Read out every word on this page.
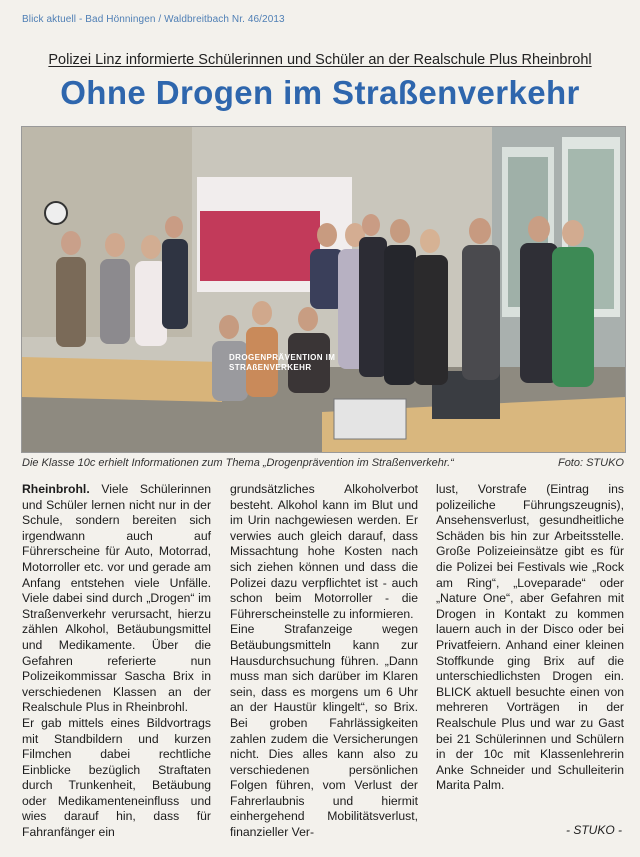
Blick aktuell - Bad Hönningen / Waldbreitbach Nr. 46/2013
Polizei Linz informierte Schülerinnen und Schüler an der Realschule Plus Rheinbrohl
Ohne Drogen im Straßenverkehr
DROGENPRÄVENTION IM STRAßENVERKEHR
Die Klasse 10c erhielt Informationen zum Thema „Drogenprävention im Straßenverkehr.“	Foto: STUKO

Rheinbrohl. Viele Schülerinnen und Schüler lernen nicht nur in der Schule, sondern bereiten sich irgendwann auch auf Führerscheine für Auto, Motorrad, Motorroller etc. vor und gerade am Anfang entstehen viele Unfälle. Viele dabei sind durch „Drogen“ im Straßenverkehr verursacht, hierzu zählen Alkohol, Betäubungsmittel und Medikamente. Über die Gefahren referierte nun Polizeikommissar Sascha Brix in verschiedenen Klassen an der Realschule Plus in Rheinbrohl.

Er gab mittels eines Bildvortrags mit Standbildern und kurzen Filmchen dabei rechtliche Einblicke bezüglich Straftaten durch Trunkenheit, Betäubung oder Medikamenteneinfluss und wies darauf hin, dass für Fahranfänger ein

grundsätzliches Alkoholverbot besteht. Alkohol kann im Blut und im Urin nachgewiesen werden. Er verwies auch gleich darauf, dass Missachtung hohe Kosten nach sich ziehen können und dass die Polizei dazu verpflichtet ist - auch schon beim Motorroller - die Führerscheinstelle zu informieren.

Eine Strafanzeige wegen Betäubungsmitteln kann zur Hausdurchsuchung führen. „Dann muss man sich darüber im Klaren sein, dass es morgens um 6 Uhr an der Haustür klingelt“, so Brix. Bei groben Fahrlässigkeiten zahlen zudem die Versicherungen nicht. Dies alles kann also zu verschiedenen persönlichen Folgen führen, vom Verlust der Fahrerlaubnis und hiermit einhergehend Mobilitätsverlust, finanzieller Ver-

lust, Vorstrafe (Eintrag ins polizeiliche Führungszeugnis), Ansehensverlust, gesundheitliche Schäden bis hin zur Arbeitsstelle. Große Polizeieinsätze gibt es für die Polizei bei Festivals wie „Rock am Ring“, „Loveparade“ oder „Nature One“, aber Gefahren mit Drogen in Kontakt zu kommen lauern auch in der Disco oder bei Privatfeiern. Anhand einer kleinen Stoffkunde ging Brix auf die unterschiedlichsten Drogen ein. BLICK aktuell besuchte einen von mehreren Vorträgen in der Realschule Plus und war zu Gast bei 21 Schülerinnen und Schülern in der 10c mit Klassenlehrerin Anke Schneider und Schulleiterin Marita Palm.

- STUKO -
